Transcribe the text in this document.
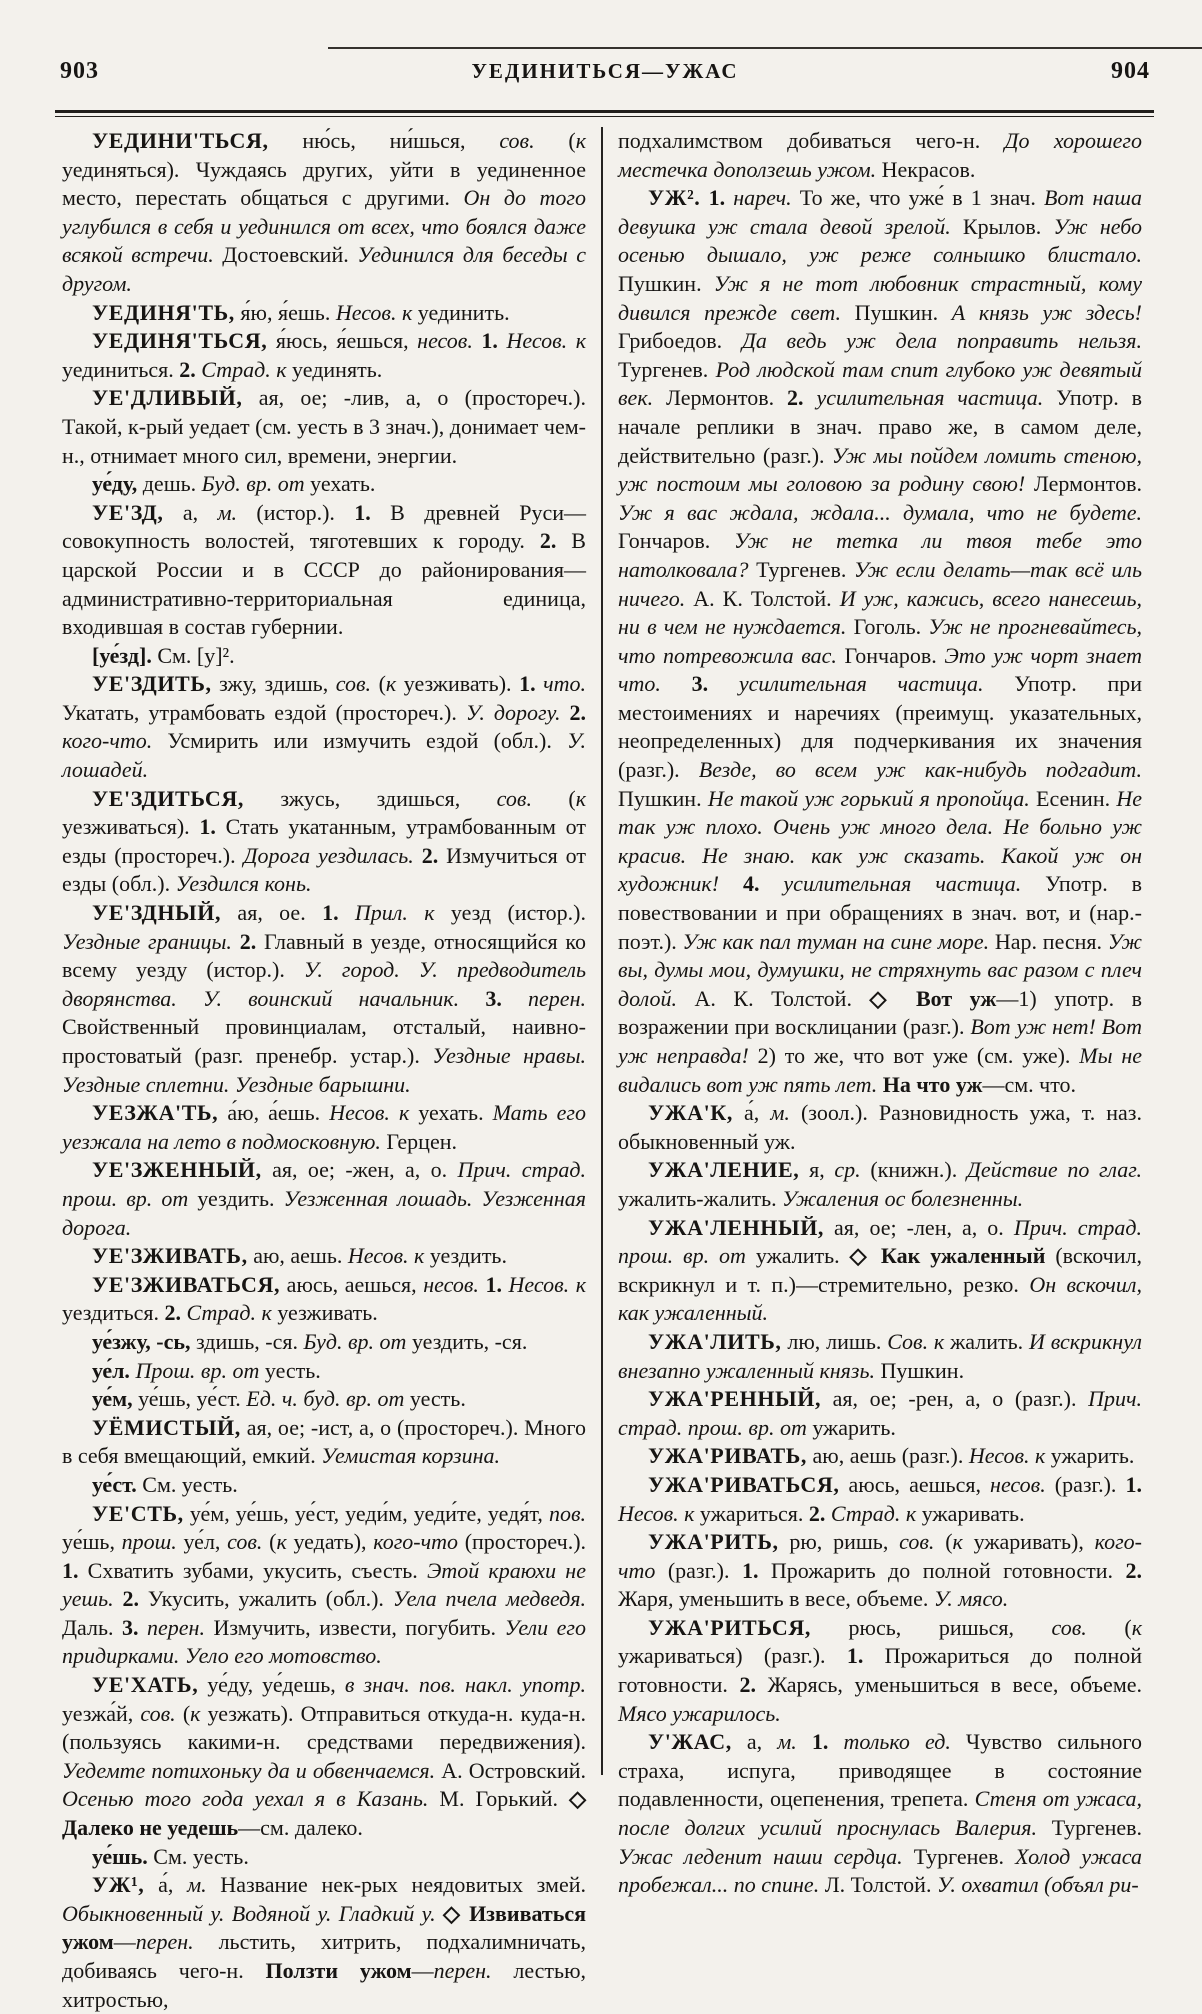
903	УЕДИНИТЬСЯ—УЖАС	904

УЕДИНИ'ТЬСЯ, ню́сь, ни́шься, сов. (к уединяться). Чуждаясь других, уйти в уединенное место, перестать общаться с другими. Он до того углубился в себя и уединился от всех, что боялся даже всякой встречи. Достоевский. Уединился для беседы с другом.

УЕДИНЯ'ТЬ, я́ю, я́ешь. Несов. к уединить.

УЕДИНЯ'ТЬСЯ, я́юсь, я́ешься, несов. 1. Несов. к уединиться. 2. Страд. к уединять.

УЕ'ДЛИВЫЙ, ая, ое; -лив, а, о (простореч.). Такой, к-рый уедает (см. уесть в 3 знач.), донимает чем-н., отнимает много сил, времени, энергии.

уе́ду, дешь. Буд. вр. от уехать.

УЕ'ЗД, а, м. (истор.). 1. В древней Руси—совокупность волостей, тяготевших к городу. 2. В царской России и в СССР до районирования—административно-территориальная единица, входившая в состав губернии.

[уе́зд]. См. [у]².

УЕ'ЗДИТЬ, зжу, здишь, сов. (к уезживать). 1. что. Укатать, утрамбовать ездой (простореч.). У. дорогу. 2. кого-что. Усмирить или измучить ездой (обл.). У. лошадей.

УЕ'ЗДИТЬСЯ, зжусь, здишься, сов. (к уезживаться). 1. Стать укатанным, утрамбованным от езды (простореч.). Дорога уездилась. 2. Измучиться от езды (обл.). Уездился конь.

УЕ'ЗДНЫЙ, ая, ое. 1. Прил. к уезд (истор.). Уездные границы. 2. Главный в уезде, относящийся ко всему уезду (истор.). У. город. У. предводитель дворянства. У. воинский начальник. 3. перен. Свойственный провинциалам, отсталый, наивно-простоватый (разг. пренебр. устар.). Уездные нравы. Уездные сплетни. Уездные барышни.

УЕЗЖА'ТЬ, а́ю, а́ешь. Несов. к уехать. Мать его уезжала на лето в подмосковную. Герцен.

УЕ'ЗЖЕННЫЙ, ая, ое; -жен, а, о. Прич. страд. прош. вр. от уездить. Уезженная лошадь. Уезженная дорога.

УЕ'ЗЖИВАТЬ, аю, аешь. Несов. к уездить.

УЕ'ЗЖИВАТЬСЯ, аюсь, аешься, несов. 1. Несов. к уездиться. 2. Страд. к уезживать.

уе́зжу, -сь, здишь, -ся. Буд. вр. от уездить, -ся.

уе́л. Прош. вр. от уесть.

уе́м, уе́шь, уе́ст. Ед. ч. буд. вр. от уесть.

УЁМИСТЫЙ, ая, ое; -ист, а, о (простореч.). Много в себя вмещающий, емкий. Уемистая корзина.

уе́ст. См. уесть.

УЕ'СТЬ, уе́м, уе́шь, уе́ст, уеди́м, уеди́те, уедя́т, пов. уе́шь, прош. уе́л, сов. (к уедать), кого-что (простореч.). 1. Схватить зубами, укусить, съесть. Этой краюхи не уешь. 2. Укусить, ужалить (обл.). Уела пчела медведя. Даль. 3. перен. Измучить, извести, погубить. Уели его придирками. Уело его мотовство.

УЕ'ХАТЬ, уе́ду, уе́дешь, в знач. пов. накл. употр. уезжа́й, сов. (к уезжать). Отправиться откуда-н. куда-н. (пользуясь какими-н. средствами передвижения). Уедемте потихоньку да и обвенчаемся. А. Островский. Осенью того года уехал я в Казань. М. Горький. ◇ Далеко не уедешь—см. далеко.

уе́шь. См. уесть.

УЖ¹, а́, м. Название нек-рых неядовитых змей. Обыкновенный у. Водяной у. Гладкий у. ◇ Извиваться ужом—перен. льстить, хитрить, подхалимничать, добиваясь чего-н. Ползти ужом—перен. лестью, хитростью,

подхалимством добиваться чего-н. До хорошего местечка доползешь ужом. Некрасов.

УЖ². 1. нареч. То же, что уже́ в 1 знач. Вот наша девушка уж стала девой зрелой. Крылов. Уж небо осенью дышало, уж реже солнышко блистало. Пушкин. Уж я не тот любовник страстный, кому дивился прежде свет. Пушкин. А князь уж здесь! Грибоедов. Да ведь уж дела поправить нельзя. Тургенев. Род людской там спит глубоко уж девятый век. Лермонтов. 2. усилительная частица. Употр. в начале реплики в знач. право же, в самом деле, действительно (разг.). Уж мы пойдем ломить стеною, уж постоим мы головою за родину свою! Лермонтов. Уж я вас ждала, ждала... думала, что не будете. Гончаров. Уж не тетка ли твоя тебе это натолковала? Тургенев. Уж если делать—так всё иль ничего. А. К. Толстой. И уж, кажись, всего нанесешь, ни в чем не нуждается. Гоголь. Уж не прогневайтесь, что потревожила вас. Гончаров. Это уж чорт знает что. 3. усилительная частица. Употр. при местоимениях и наречиях (преимущ. указательных, неопределенных) для подчеркивания их значения (разг.). Везде, во всем уж как-нибудь подгадит. Пушкин. Не такой уж горький я пропойца. Есенин. Не так уж плохо. Очень уж много дела. Не больно уж красив. Не знаю. как уж сказать. Какой уж он художник! 4. усилительная частица. Употр. в повествовании и при обращениях в знач. вот, и (нар.-поэт.). Уж как пал туман на сине море. Нар. песня. Уж вы, думы мои, думушки, не стряхнуть вас разом с плеч долой. А. К. Толстой. ◇ Вот уж—1) употр. в возражении при восклицании (разг.). Вот уж нет! Вот уж неправда! 2) то же, что вот уже (см. уже). Мы не видались вот уж пять лет. На что уж—см. что.

УЖА'К, а́, м. (зоол.). Разновидность ужа, т. наз. обыкновенный уж.

УЖА'ЛЕНИЕ, я, ср. (книжн.). Действие по глаг. ужалить-жалить. Ужаления ос болезненны.

УЖА'ЛЕННЫЙ, ая, ое; -лен, а, о. Прич. страд. прош. вр. от ужалить. ◇ Как ужаленный (вскочил, вскрикнул и т. п.)—стремительно, резко. Он вскочил, как ужаленный.

УЖА'ЛИТЬ, лю, лишь. Сов. к жалить. И вскрикнул внезапно ужаленный князь. Пушкин.

УЖА'РЕННЫЙ, ая, ое; -рен, а, о (разг.). Прич. страд. прош. вр. от ужарить.

УЖА'РИВАТЬ, аю, аешь (разг.). Несов. к ужарить.

УЖА'РИВАТЬСЯ, аюсь, аешься, несов. (разг.). 1. Несов. к ужариться. 2. Страд. к ужаривать.

УЖА'РИТЬ, рю, ришь, сов. (к ужаривать), кого-что (разг.). 1. Прожарить до полной готовности. 2. Жаря, уменьшить в весе, объеме. У. мясо.

УЖА'РИТЬСЯ, рюсь, ришься, сов. (к ужариваться) (разг.). 1. Прожариться до полной готовности. 2. Жарясь, уменьшиться в весе, объеме. Мясо ужарилось.

У'ЖАС, а, м. 1. только ед. Чувство сильного страха, испуга, приводящее в состояние подавленности, оцепенения, трепета. Стеня от ужаса, после долгих усилий проснулась Валерия. Тургенев. Ужас леденит наши сердца. Тургенев. Холод ужаса пробежал... по спине. Л. Толстой. У. охватил (объял ри-
